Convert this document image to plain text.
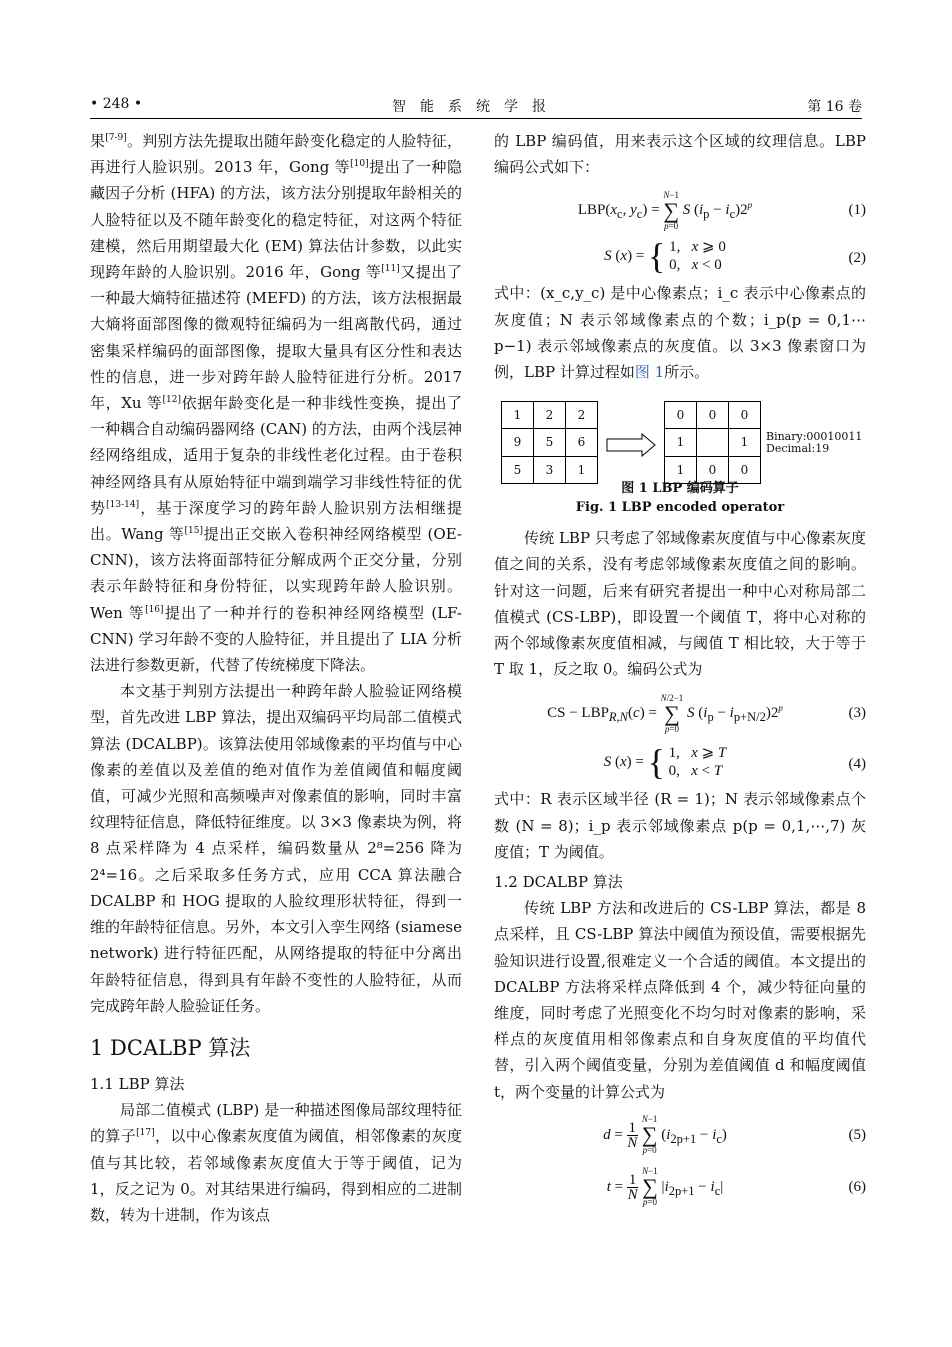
• 248 •	智能系统学报	第 16 卷

果[7-9]。判别方法先提取出随年龄变化稳定的人脸特征，再进行人脸识别。2013 年，Gong 等[10]提出了一种隐藏因子分析 (HFA) 的方法，该方法分别提取年龄相关的人脸特征以及不随年龄变化的稳定特征，对这两个特征建模，然后用期望最大化 (EM) 算法估计参数，以此实现跨年龄的人脸识别。2016 年，Gong 等[11]又提出了一种最大熵特征描述符 (MEFD) 的方法，该方法根据最大熵将面部图像的微观特征编码为一组离散代码，通过密集采样编码的面部图像，提取大量具有区分性和表达性的信息，进一步对跨年龄人脸特征进行分析。2017 年，Xu 等[12]依据年龄变化是一种非线性变换，提出了一种耦合自动编码器网络 (CAN) 的方法，由两个浅层神经网络组成，适用于复杂的非线性老化过程。由于卷积神经网络具有从原始特征中端到端学习非线性特征的优势[13-14]，基于深度学习的跨年龄人脸识别方法相继提出。Wang 等[15]提出正交嵌入卷积神经网络模型 (OE-CNN)，该方法将面部特征分解成两个正交分量，分别表示年龄特征和身份特征，以实现跨年龄人脸识别。Wen 等[16]提出了一种并行的卷积神经网络模型 (LF-CNN) 学习年龄不变的人脸特征，并且提出了 LIA 分析法进行参数更新，代替了传统梯度下降法。

本文基于判别方法提出一种跨年龄人脸验证网络模型，首先改进 LBP 算法，提出双编码平均局部二值模式算法 (DCALBP)。该算法使用邻域像素的平均值与中心像素的差值以及差值的绝对值作为差值阈值和幅度阈值，可减少光照和高频噪声对像素值的影响，同时丰富纹理特征信息，降低特征维度。以 3×3 像素块为例，将 8 点采样降为 4 点采样，编码数量从 2⁸=256 降为 2⁴=16。之后采取多任务方式，应用 CCA 算法融合 DCALBP 和 HOG 提取的人脸纹理形状特征，得到一维的年龄特征信息。另外，本文引入孪生网络 (siamese network) 进行特征匹配，从网络提取的特征中分离出年龄特征信息，得到具有年龄不变性的人脸特征，从而完成跨年龄人脸验证任务。

1 DCALBP 算法
1.1 LBP 算法

局部二值模式 (LBP) 是一种描述图像局部纹理特征的算子[17]，以中心像素灰度值为阈值，相邻像素的灰度值与其比较，若邻域像素灰度值大于等于阈值，记为 1，反之记为 0。对其结果进行编码，得到相应的二进制数，转为十进制，作为该点

的 LBP 编码值，用来表示这个区域的纹理信息。LBP 编码公式如下：

$LBP(x_c$, $y_c) = N-1$
∑
p=0 S $(i_p - i_c)2^p$	(1)
S (x) = { 1,   x ⩾ 0
0,   x < 0	(2)

式中：(x_c,y_c) 是中心像素点；i_c 表示中心像素点的灰度值；N 表示邻域像素点的个数；i_p(p = 0,1⋯ p−1) 表示邻域像素点的灰度值。以 3×3 像素窗口为例，LBP 计算过程如图 1所示。

1	2	2
9	5	6
5	3	1
0	0	0
1		1
1	0	0
Binary:00010011
Decimal:19
图 1 LBP 编码算子
Fig. 1 LBP encoded operator

传统 LBP 只考虑了邻域像素灰度值与中心像素灰度值之间的关系，没有考虑邻域像素灰度值之间的影响。针对这一问题，后来有研究者提出一种中心对称局部二值模式 (CS-LBP)，即设置一个阈值 T，将中心对称的两个邻域像素灰度值相减，与阈值 T 相比较，大于等于 T 取 1，反之取 0。编码公式为

CS − $LBP_{R,N}(c) = N/2-1$
∑
p=0 S $(i_p - i_{p+N/2})2^p$	(3)
S (x) = { 1,   x ⩾ T
0,   x < T	(4)

式中：R 表示区域半径 (R = 1)；N 表示邻域像素点个数 (N = 8)；i_p 表示邻域像素点 p(p = 0,1,⋯,7) 灰度值；T 为阈值。

1.2 DCALBP 算法

传统 LBP 方法和改进后的 CS-LBP 算法，都是 8 点采样，且 CS-LBP 算法中阈值为预设值，需要根据先验知识进行设置,很难定义一个合适的阈值。本文提出的 DCALBP 方法将采样点降低到 4 个，减少特征向量的维度，同时考虑了光照变化不均匀时对像素的影响，采样点的灰度值用相邻像素点和自身灰度值的平均值代替，引入两个阈值变量，分别为差值阈值 d 和幅度阈值 t，两个变量的计算公式为

$d = \frac{1}{N}$
N−1
∑
p=0 $(i_{2p+1} - i_c)$	(5)
$t = \frac{1}{N}$
N−1
∑
p=0 $|i_{2p+1} - i_c|$	(6)
